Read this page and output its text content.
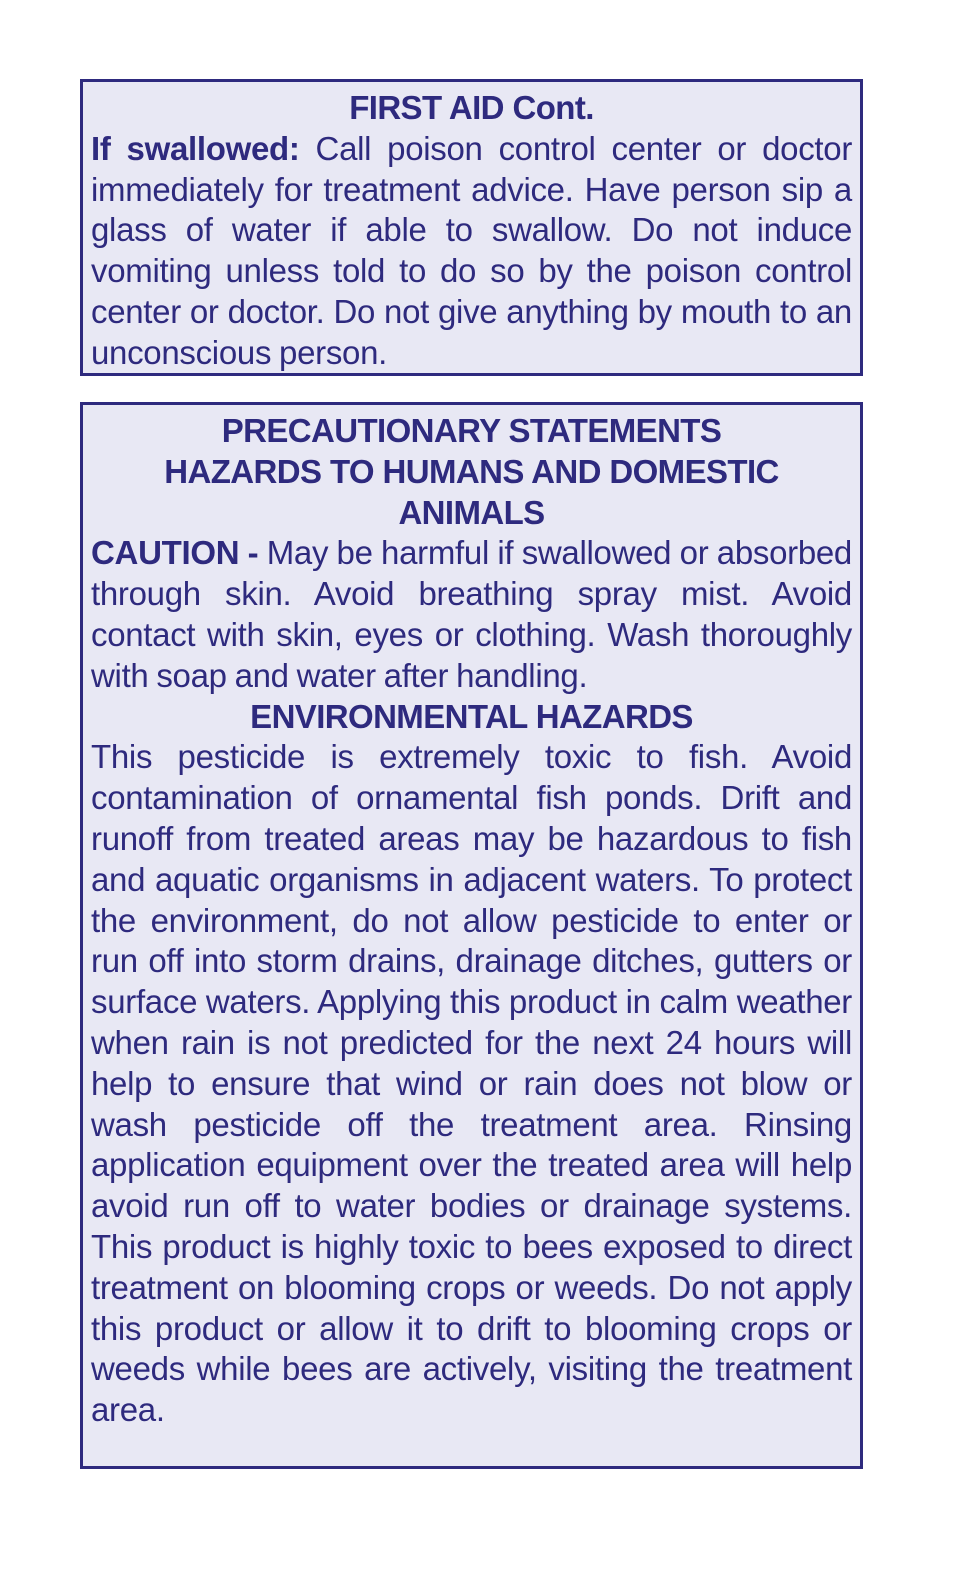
FIRST AID Cont.

If swallowed: Call poison control center or doctor immediately for treatment advice. Have person sip a glass of water if able to swallow. Do not induce vomiting unless told to do so by the poison control center or doctor. Do not give anything by mouth to an unconscious person.

PRECAUTIONARY STATEMENTS
HAZARDS TO HUMANS AND DOMESTIC ANIMALS

CAUTION - May be harmful if swallowed or absorbed through skin. Avoid breathing spray mist. Avoid contact with skin, eyes or clothing. Wash thoroughly with soap and water after handling.

ENVIRONMENTAL HAZARDS

This pesticide is extremely toxic to fish. Avoid contamination of ornamental fish ponds. Drift and runoff from treated areas may be hazardous to fish and aquatic organisms in adjacent waters. To protect the environment, do not allow pesticide to enter or run off into storm drains, drainage ditches, gutters or surface waters. Applying this product in calm weather when rain is not predicted for the next 24 hours will help to ensure that wind or rain does not blow or wash pesticide off the treatment area. Rinsing application equipment over the treated area will help avoid run off to water bodies or drainage systems. This product is highly toxic to bees exposed to direct treatment on blooming crops or weeds. Do not apply this product or allow it to drift to blooming crops or weeds while bees are actively, visiting the treatment area.
